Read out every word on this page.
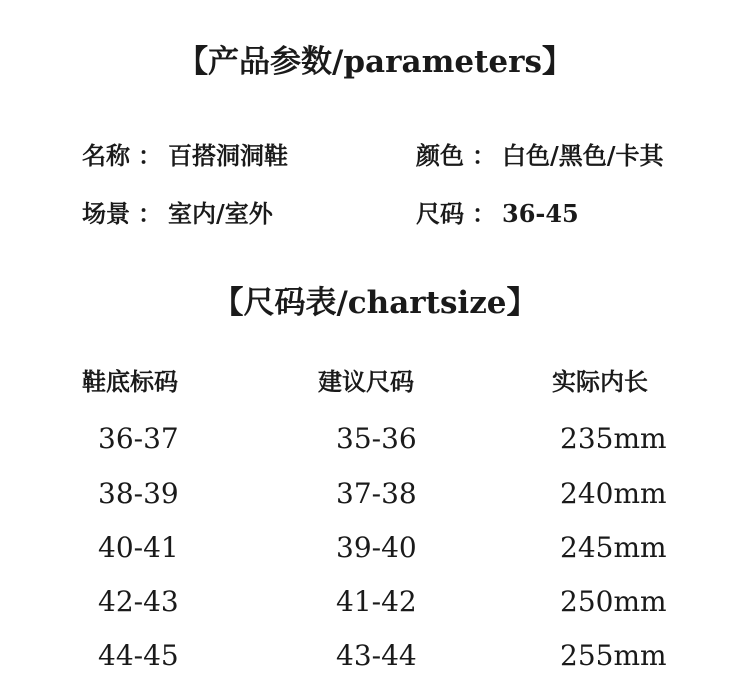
【产品参数/parameters】
名称 ： 百搭洞洞鞋	颜色 ： 白色/黑色/卡其
场景 ： 室内/室外	尺码 ： 36-45
【尺码表/chartsize】
鞋底标码	建议尺码	实际内长
36-37	35-36	235mm
38-39	37-38	240mm
40-41	39-40	245mm
42-43	41-42	250mm
44-45	43-44	255mm
